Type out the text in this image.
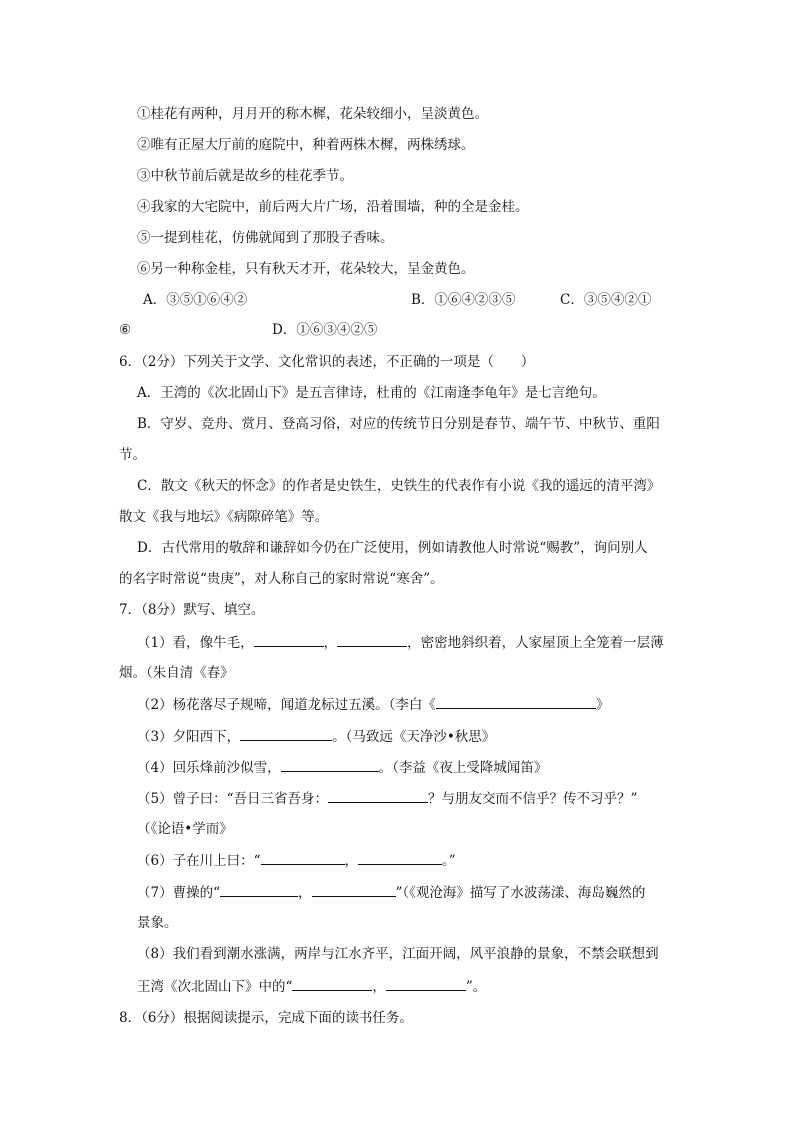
①桂花有两种，月月开的称木樨，花朵较细小，呈淡黄色。
②唯有正屋大厅前的庭院中，种着两株木樨，两株绣球。
③中秋节前后就是故乡的桂花季节。
④我家的大宅院中，前后两大片广场，沿着围墙，种的全是金桂。
⑤一提到桂花，仿佛就闻到了那股子香味。
⑥另一种称金桂，只有秋天才开，花朵较大，呈金黄色。
A．③⑤①⑥④②	B．①⑥④②③⑤	C．③⑤④②①
⑥	D．①⑥③④②⑤
6．（2分）下列关于文学、文化常识的表述，不正确的一项是（　　）
A．王湾的《次北固山下》是五言律诗，杜甫的《江南逢李龟年》是七言绝句。
B．守岁、竞舟、赏月、登高习俗，对应的传统节日分别是春节、端午节、中秋节、重阳
节。
C．散文《秋天的怀念》的作者是史铁生，史铁生的代表作有小说《我的遥远的清平湾》
散文《我与地坛》《病隙碎笔》等。
D．古代常用的敬辞和谦辞如今仍在广泛使用，例如请教他人时常说“赐教”，询问别人
的名字时常说“贵庚”，对人称自己的家时常说“寒舍”。
7．（8分）默写、填空。
（1）看，像牛毛，	，	，密密地斜织着，人家屋顶上全笼着一层薄
烟。（朱自清《春》
（2）杨花落尽子规啼，闻道龙标过五溪。（李白《	》
（3）夕阳西下，	。（马致远《天净沙•秋思》
（4）回乐烽前沙似雪，	。（李益《夜上受降城闻笛》
（5）曾子曰：“吾日三省吾身：	？与朋友交而不信乎？传不习乎？”
（《论语•学而》
（6）子在川上曰：“	，	。”
（7）曹操的“	，	”（《观沧海》描写了水波荡漾、海岛巍然的
景象。
（8）我们看到潮水涨满，两岸与江水齐平，江面开阔，风平浪静的景象，不禁会联想到
王湾《次北固山下》中的“	，	”。
8．（6分）根据阅读提示，完成下面的读书任务。
